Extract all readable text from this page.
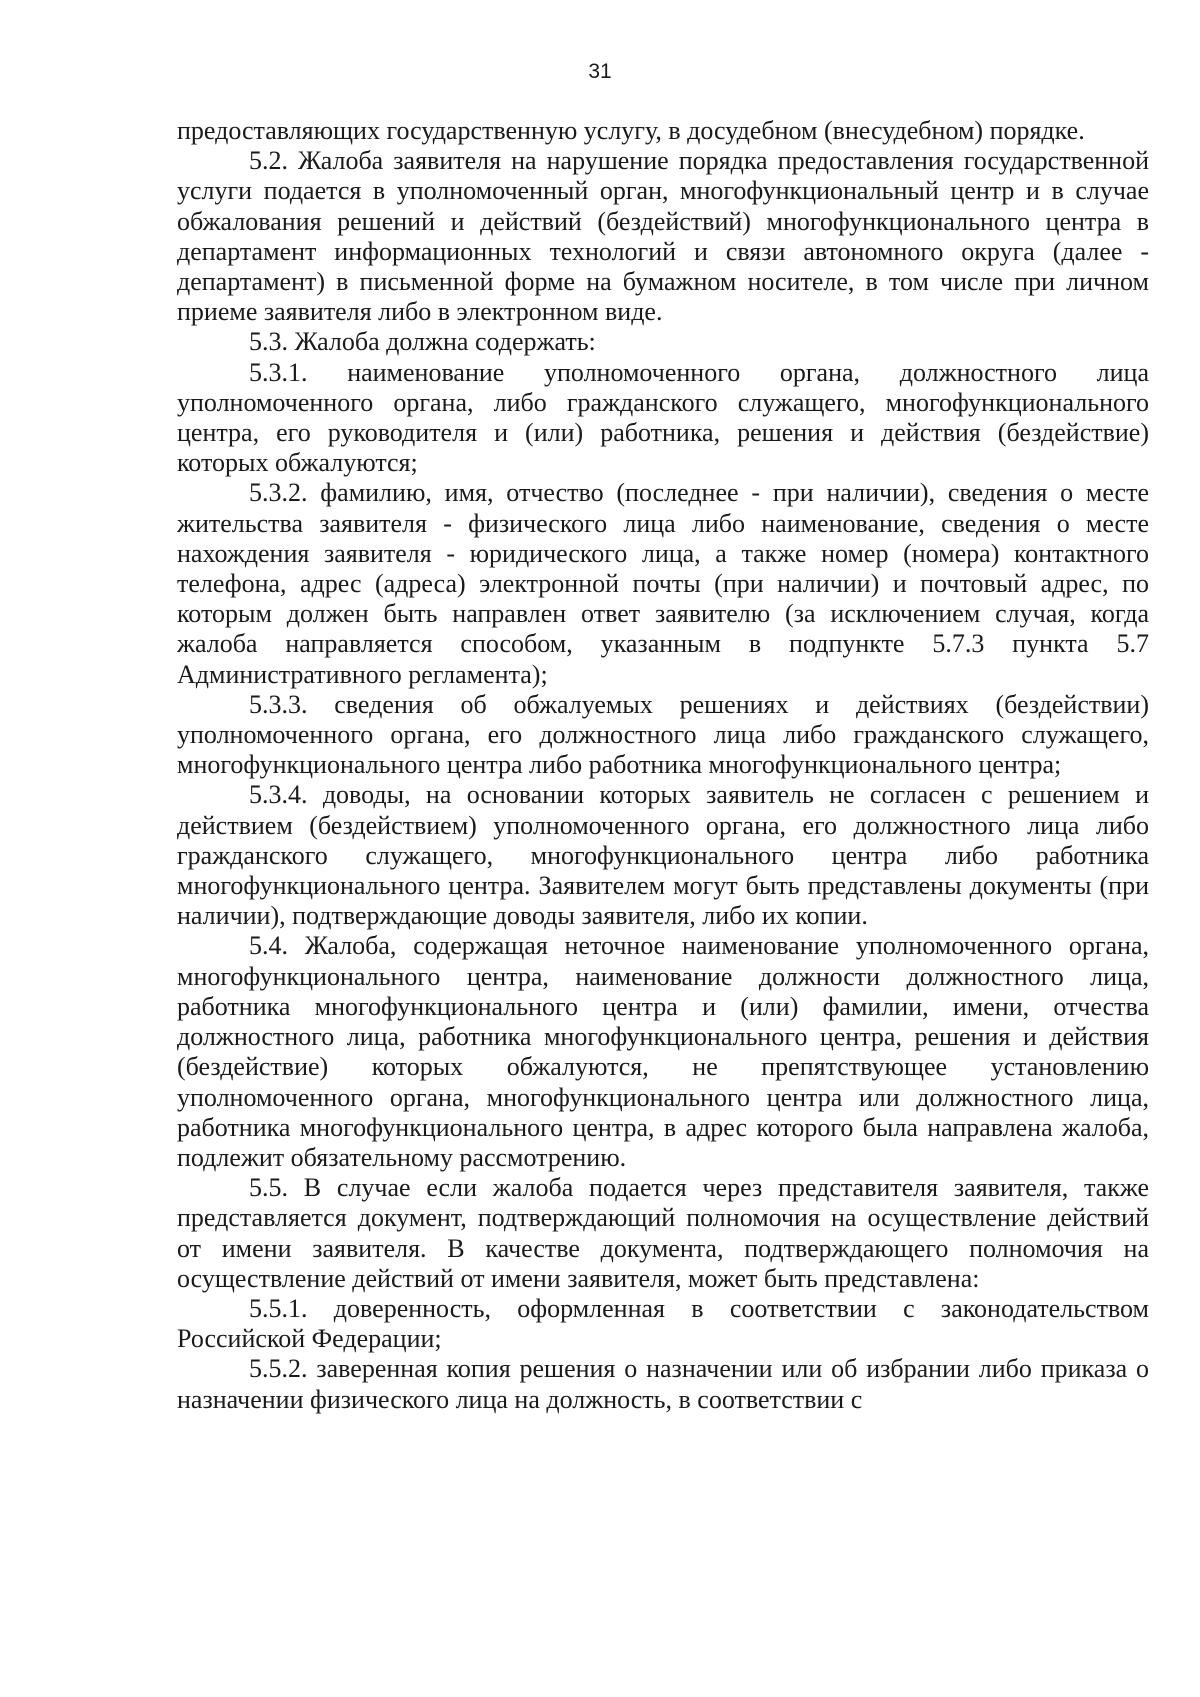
31

предоставляющих государственную услугу, в досудебном (внесудебном) порядке.

5.2. Жалоба заявителя на нарушение порядка предоставления государственной услуги подается в уполномоченный орган, многофункциональный центр и в случае обжалования решений и действий (бездействий) многофункционального центра в департамент информационных технологий и связи автономного округа (далее - департамент) в письменной форме на бумажном носителе, в том числе при личном приеме заявителя либо в электронном виде.

5.3. Жалоба должна содержать:

5.3.1. наименование уполномоченного органа, должностного лица уполномоченного органа, либо гражданского служащего, многофункционального центра, его руководителя и (или) работника, решения и действия (бездействие) которых обжалуются;

5.3.2. фамилию, имя, отчество (последнее - при наличии), сведения о месте жительства заявителя - физического лица либо наименование, сведения о месте нахождения заявителя - юридического лица, а также номер (номера) контактного телефона, адрес (адреса) электронной почты (при наличии) и почтовый адрес, по которым должен быть направлен ответ заявителю (за исключением случая, когда жалоба направляется способом, указанным в подпункте 5.7.3 пункта 5.7 Административного регламента);

5.3.3. сведения об обжалуемых решениях и действиях (бездействии) уполномоченного органа, его должностного лица либо гражданского служащего, многофункционального центра либо работника многофункционального центра;

5.3.4. доводы, на основании которых заявитель не согласен с решением и действием (бездействием) уполномоченного органа, его должностного лица либо гражданского служащего, многофункционального центра либо работника многофункционального центра. Заявителем могут быть представлены документы (при наличии), подтверждающие доводы заявителя, либо их копии.

5.4. Жалоба, содержащая неточное наименование уполномоченного органа, многофункционального центра, наименование должности должностного лица, работника многофункционального центра и (или) фамилии, имени, отчества должностного лица, работника многофункционального центра, решения и действия (бездействие) которых обжалуются, не препятствующее установлению уполномоченного органа, многофункционального центра или должностного лица, работника многофункционального центра, в адрес которого была направлена жалоба, подлежит обязательному рассмотрению.

5.5. В случае если жалоба подается через представителя заявителя, также представляется документ, подтверждающий полномочия на осуществление действий от имени заявителя. В качестве документа, подтверждающего полномочия на осуществление действий от имени заявителя, может быть представлена:

5.5.1. доверенность, оформленная в соответствии с законодательством Российской Федерации;

5.5.2. заверенная копия решения о назначении или об избрании либо приказа о назначении физического лица на должность, в соответствии с
